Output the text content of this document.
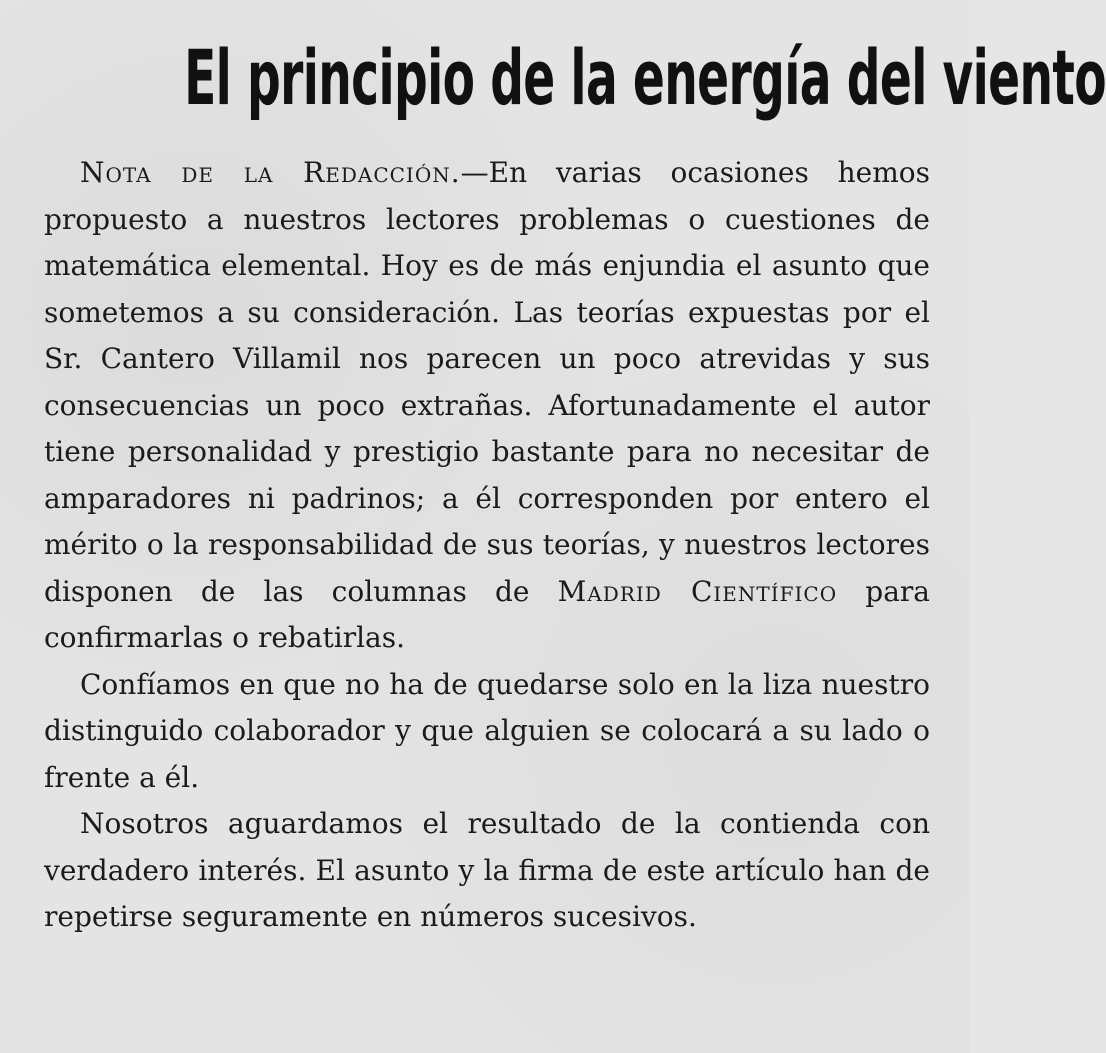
El principio de la energía del viento

Nota de la Redacción.—En varias ocasiones hemos propuesto a nuestros lectores problemas o cuestiones de matemática elemental. Hoy es de más enjundia el asunto que sometemos a su consideración. Las teorías expuestas por el Sr. Cantero Villamil nos parecen un poco atrevidas y sus consecuencias un poco extrañas. Afortunadamente el autor tiene personalidad y prestigio bastante para no necesitar de amparadores ni padrinos; a él corresponden por entero el mérito o la responsabilidad de sus teorías, y nuestros lectores disponen de las columnas de Madrid Científico para confirmarlas o rebatirlas.

Confíamos en que no ha de quedarse solo en la liza nuestro distinguido colaborador y que alguien se colocará a su lado o frente a él.

Nosotros aguardamos el resultado de la contienda con verdadero interés. El asunto y la firma de este artículo han de repetirse seguramente en números sucesivos.
